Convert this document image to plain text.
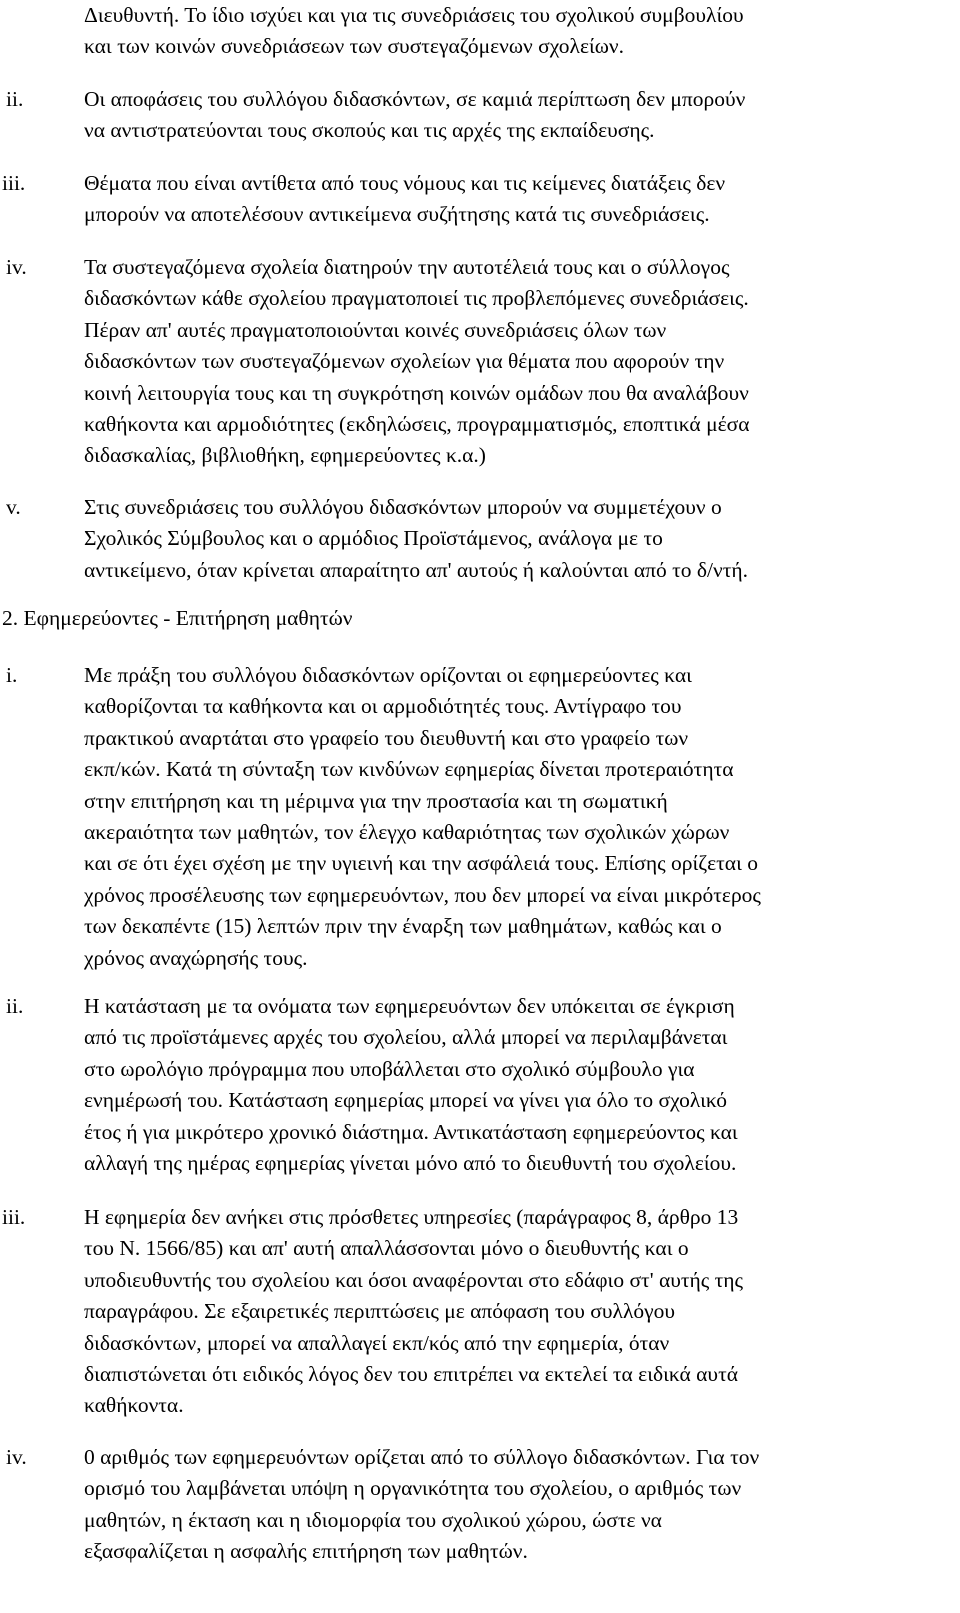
Διευθυντή. Το ίδιο ισχύει και για τις συνεδριάσεις του σχολικού συμβουλίου
και των κοινών συνεδριάσεων των συστεγαζόμενων σχολείων.
ii.	Οι αποφάσεις του συλλόγου διδασκόντων, σε καμιά περίπτωση δεν μπορούν
να αντιστρατεύονται τους σκοπούς και τις αρχές της εκπαίδευσης.
iii.	Θέματα που είναι αντίθετα από τους νόμους και τις κείμενες διατάξεις δεν
μπορούν να αποτελέσουν αντικείμενα συζήτησης κατά τις συνεδριάσεις.
iv.	Τα συστεγαζόμενα σχολεία διατηρούν την αυτοτέλειά τους και ο σύλλογος
διδασκόντων κάθε σχολείου πραγματοποιεί τις προβλεπόμενες συνεδριάσεις.
Πέραν απ' αυτές πραγματοποιούνται κοινές συνεδριάσεις όλων των
διδασκόντων των συστεγαζόμενων σχολείων για θέματα που αφορούν την
κοινή λειτουργία τους και τη συγκρότηση κοινών ομάδων που θα αναλάβουν
καθήκοντα και αρμοδιότητες (εκδηλώσεις, προγραμματισμός, εποπτικά μέσα
διδασκαλίας, βιβλιοθήκη, εφημερεύοντες κ.α.)
v.	Στις συνεδριάσεις του συλλόγου διδασκόντων μπορούν να συμμετέχουν ο
Σχολικός Σύμβουλος και ο αρμόδιος Προϊστάμενος, ανάλογα με το
αντικείμενο, όταν κρίνεται απαραίτητο απ' αυτούς ή καλούνται από το δ/ντή.
2. Εφημερεύοντες - Επιτήρηση μαθητών
i.	Με πράξη του συλλόγου διδασκόντων ορίζονται οι εφημερεύοντες και
καθορίζονται τα καθήκοντα και οι αρμοδιότητές τους. Αντίγραφο του
πρακτικού αναρτάται στο γραφείο του διευθυντή και στο γραφείο των
εκπ/κών. Κατά τη σύνταξη των κινδύνων εφημερίας δίνεται προτεραιότητα
στην επιτήρηση και τη μέριμνα για την προστασία και τη σωματική
ακεραιότητα των μαθητών, τον έλεγχο καθαριότητας των σχολικών χώρων
και σε ότι έχει σχέση με την υγιεινή και την ασφάλειά τους. Επίσης ορίζεται ο
χρόνος προσέλευσης των εφημερευόντων, που δεν μπορεί να είναι μικρότερος
των δεκαπέντε (15) λεπτών πριν την έναρξη των μαθημάτων, καθώς και ο
χρόνος αναχώρησής τους.
ii.	Η κατάσταση με τα ονόματα των εφημερευόντων δεν υπόκειται σε έγκριση
από τις προϊστάμενες αρχές του σχολείου, αλλά μπορεί να περιλαμβάνεται
στο ωρολόγιο πρόγραμμα που υποβάλλεται στο σχολικό σύμβουλο για
ενημέρωσή του. Κατάσταση εφημερίας μπορεί να γίνει για όλο το σχολικό
έτος ή για μικρότερο χρονικό διάστημα. Αντικατάσταση εφημερεύοντος και
αλλαγή της ημέρας εφημερίας γίνεται μόνο από το διευθυντή του σχολείου.
iii.	Η εφημερία δεν ανήκει στις πρόσθετες υπηρεσίες (παράγραφος 8, άρθρο 13
του Ν. 1566/85) και απ' αυτή απαλλάσσονται μόνο ο διευθυντής και ο
υποδιευθυντής του σχολείου και όσοι αναφέρονται στο εδάφιο στ' αυτής της
παραγράφου. Σε εξαιρετικές περιπτώσεις με απόφαση του συλλόγου
διδασκόντων, μπορεί να απαλλαγεί εκπ/κός από την εφημερία, όταν
διαπιστώνεται ότι ειδικός λόγος δεν του επιτρέπει να εκτελεί τα ειδικά αυτά
καθήκοντα.
iv.	0 αριθμός των εφημερευόντων ορίζεται από το σύλλογο διδασκόντων. Για τον
ορισμό του λαμβάνεται υπόψη η οργανικότητα του σχολείου, ο αριθμός των
μαθητών, η έκταση και η ιδιομορφία του σχολικού χώρου, ώστε να
εξασφαλίζεται η ασφαλής επιτήρηση των μαθητών.
